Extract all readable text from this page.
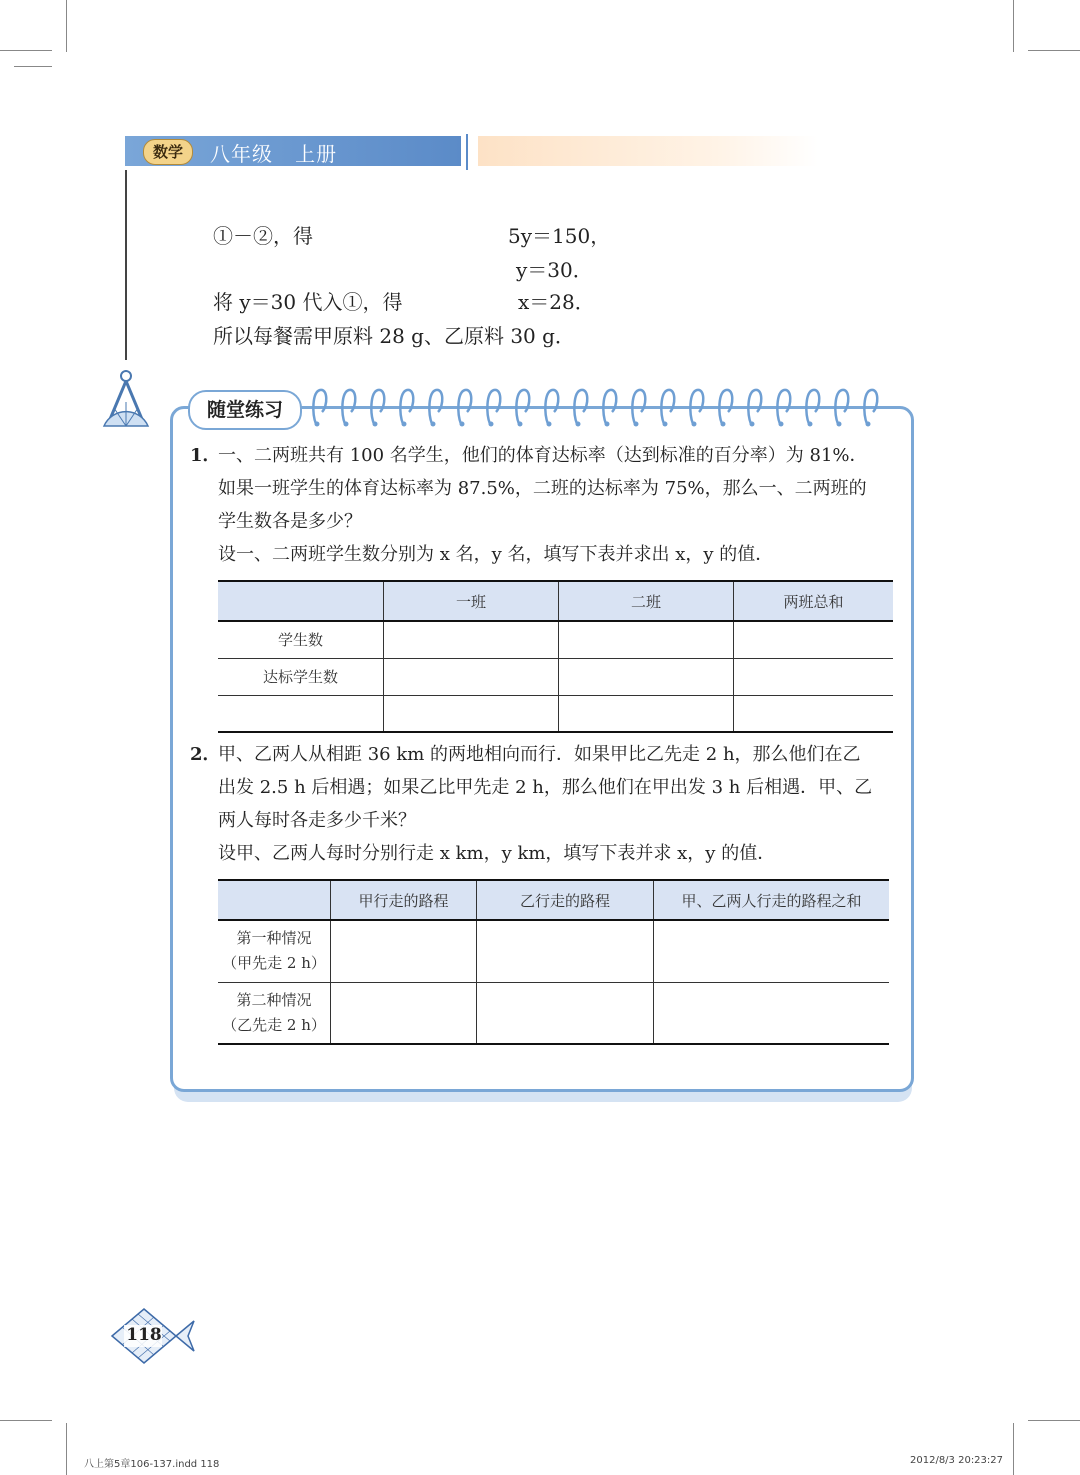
数学	八年级   上册
①－②，得	5y＝150，
y＝30．
将 y＝30 代入①，得	x＝28．
所以每餐需甲原料 28 g、乙原料 30 g．
随堂练习
1．一、二两班共有 100 名学生，他们的体育达标率（达到标准的百分率）为 81%．
如果一班学生的体育达标率为 87.5%，二班的达标率为 75%，那么一、二两班的
学生数各是多少？
设一、二两班学生数分别为 x 名，y 名，填写下表并求出 x，y 的值．
	一班	二班	两班总和
学生数			
达标学生数			

2．甲、乙两人从相距 36 km 的两地相向而行．如果甲比乙先走 2 h，那么他们在乙
出发 2.5 h 后相遇；如果乙比甲先走 2 h，那么他们在甲出发 3 h 后相遇．甲、乙
两人每时各走多少千米？
设甲、乙两人每时分别行走 x km，y km，填写下表并求 x，y 的值．
	甲行走的路程	乙行走的路程	甲、乙两人行走的路程之和

第一种情况
（甲先走 2 h）			

第二种情况
（乙先走 2 h）			

118
八上第5章106-137.indd 118	2012/8/3 20:23:27
